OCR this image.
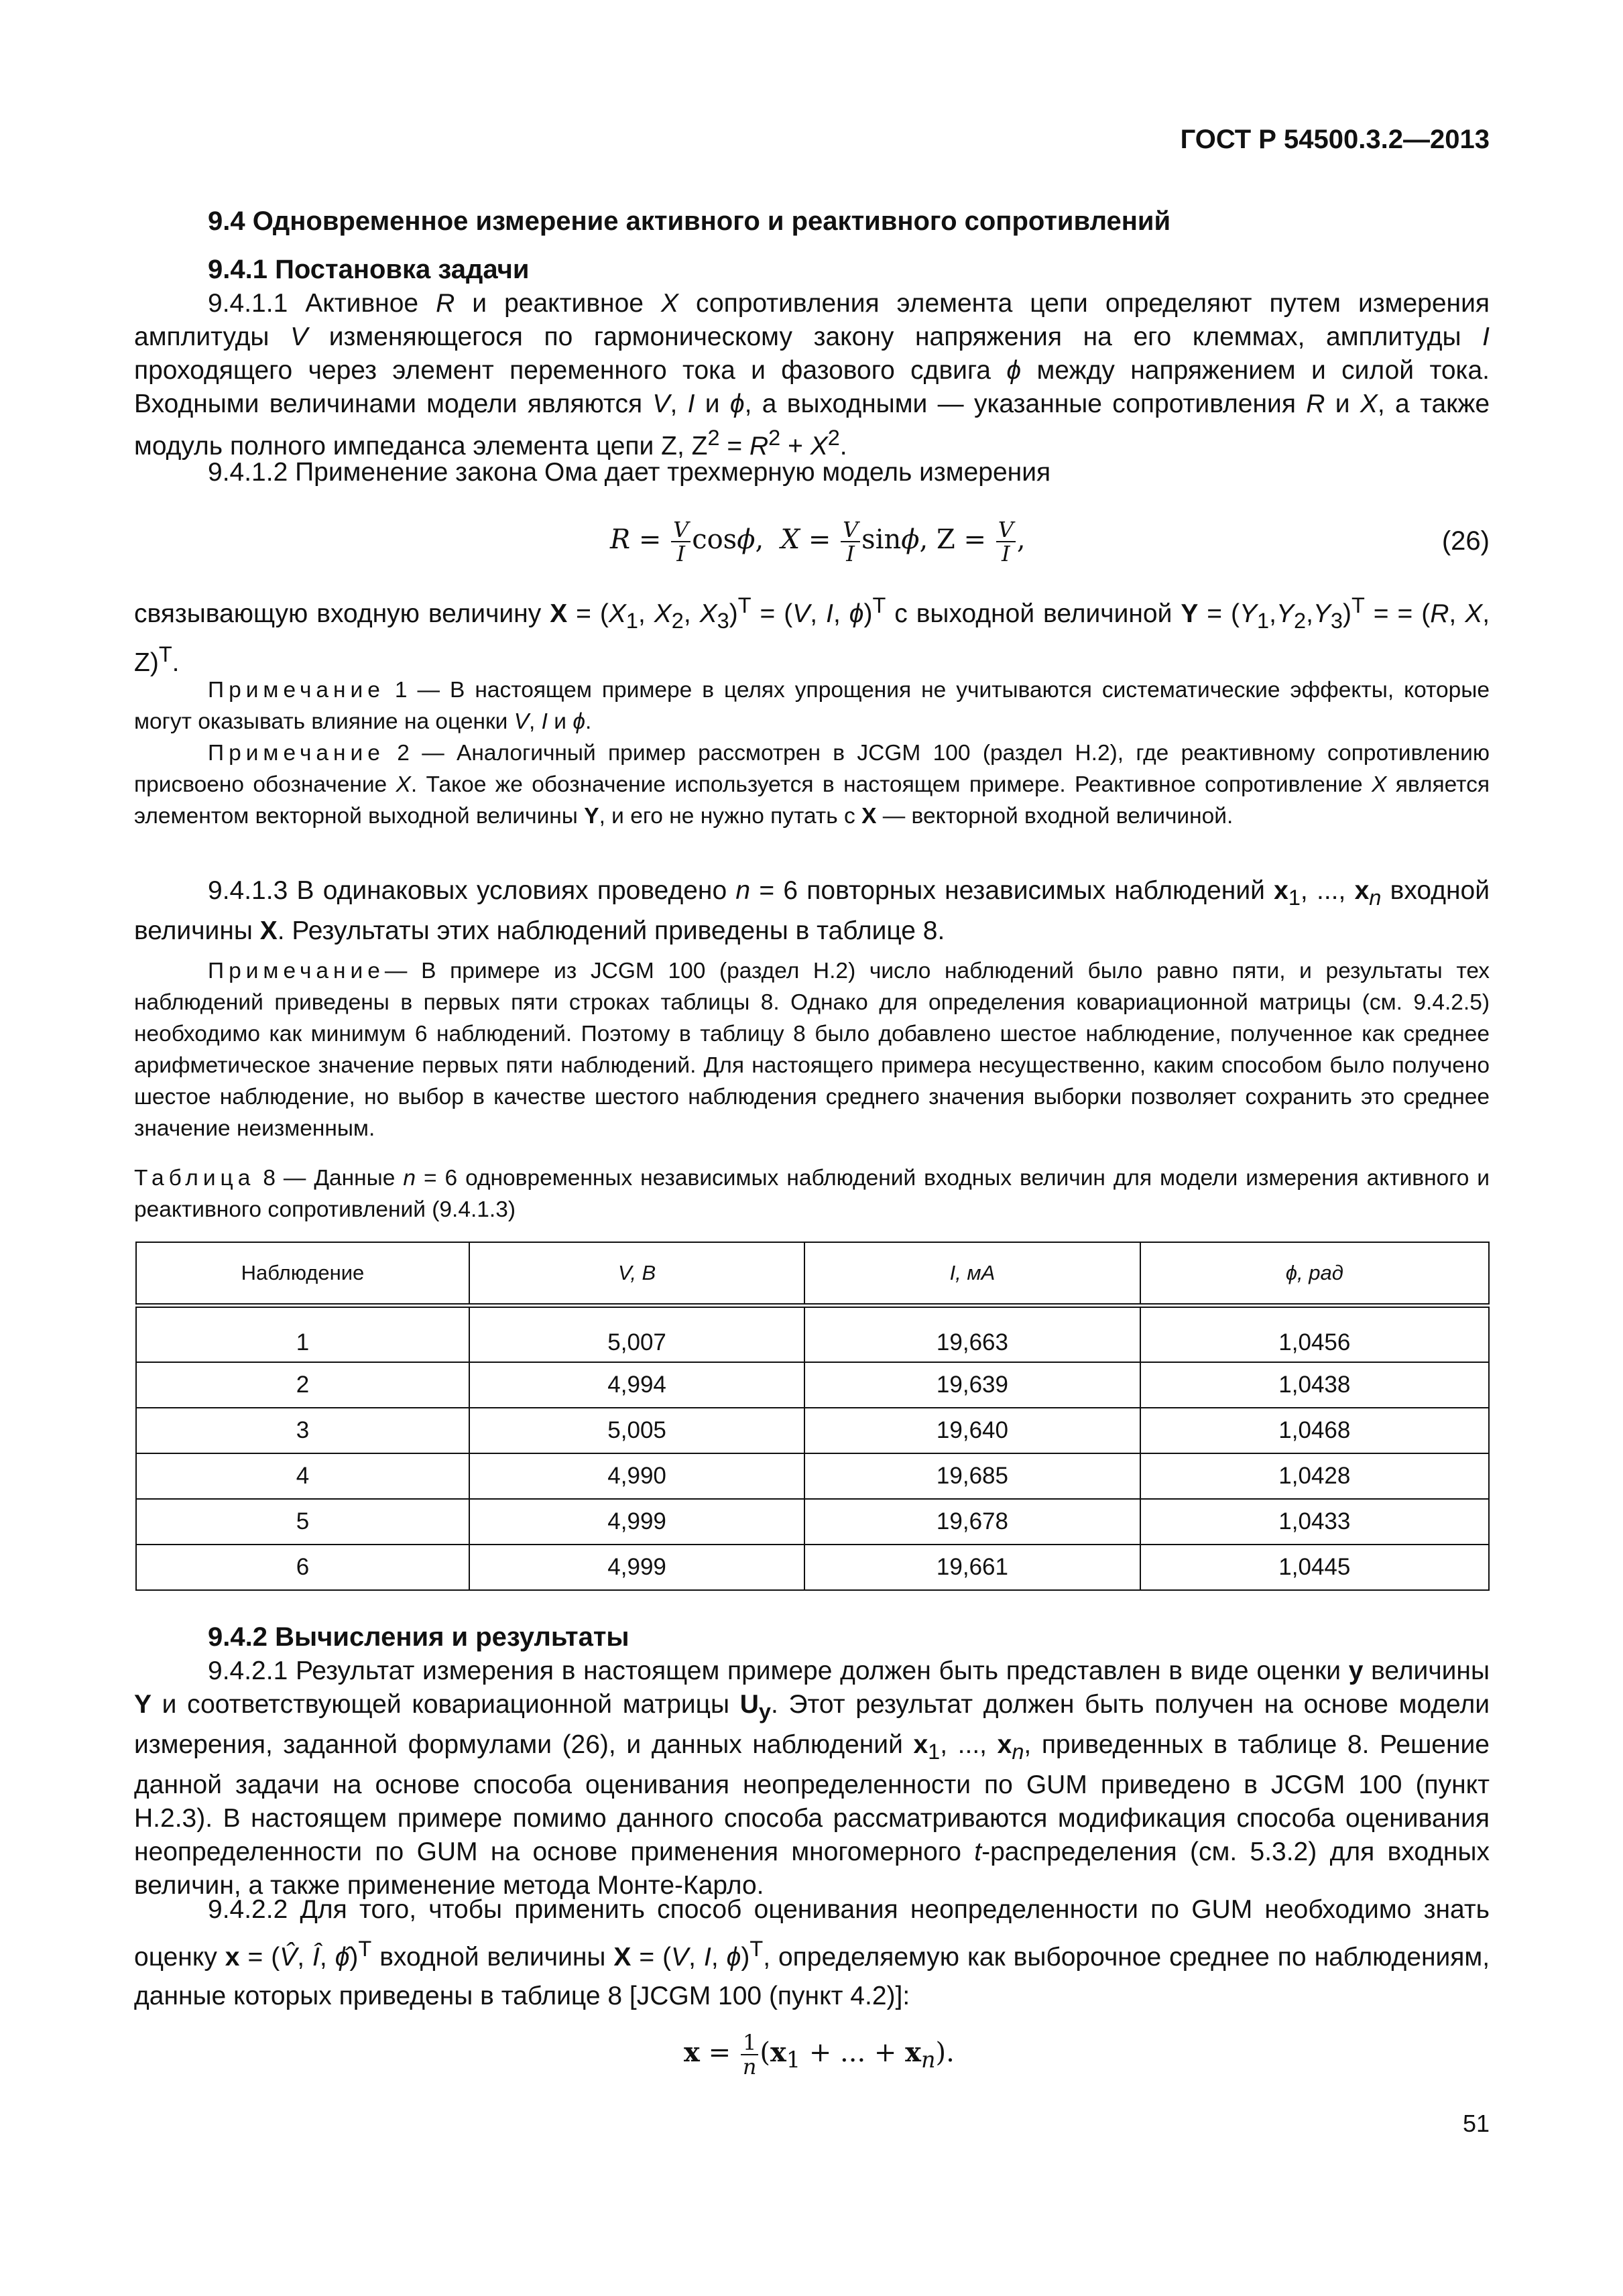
ГОСТ Р 54500.3.2—2013
9.4 Одновременное измерение активного и реактивного сопротивлений
9.4.1 Постановка задачи
9.4.1.1 Активное R и реактивное X сопротивления элемента цепи определяют путем измерения амплитуды V изменяющегося по гармоническому закону напряжения на его клеммах, амплитуды I проходящего через элемент переменного тока и фазового сдвига ϕ между напряжением и силой тока. Входными величинами модели являются V, I и ϕ, а выходными — указанные сопротивления R и X, а также модуль полного импеданса элемента цепи Z, $Z^2 = R^2 + X^2$.
9.4.1.2 Применение закона Ома дает трехмерную модель измерения
$R = \frac{V}{I} \cos\phi$,  $X = \frac{V}{I} \sin\phi$, $Z = \frac{V}{I}$ ,	(26)
связывающую входную величину $X = (X_1$, $X_2$, $X_3)^Т = (V$, I, ϕ)$^Т$ с выходной величиной $Y = (Y_1,Y_2,Y_3)^Т$ = = (R, X, Z)$^Т$.
Примечание 1 — В настоящем примере в целях упрощения не учитываются систематические эффекты, которые могут оказывать влияние на оценки V, I и ϕ.
Примечание 2 — Аналогичный пример рассмотрен в JCGM 100 (раздел H.2), где реактивному сопротивлению присвоено обозначение X. Такое же обозначение используется в настоящем примере. Реактивное сопротивление X является элементом векторной выходной величины Y, и его не нужно путать с X — векторной входной величиной.
9.4.1.3 В одинаковых условиях проведено n = 6 повторных независимых наблюдений $x_1$, ..., $x_n$ входной величины X. Результаты этих наблюдений приведены в таблице 8.
Примечание— В примере из JCGM 100 (раздел H.2) число наблюдений было равно пяти, и результаты тех наблюдений приведены в первых пяти строках таблицы 8. Однако для определения ковариационной матрицы (см. 9.4.2.5) необходимо как минимум 6 наблюдений. Поэтому в таблицу 8 было добавлено шестое наблюдение, полученное как среднее арифметическое значение первых пяти наблюдений. Для настоящего примера несущественно, каким способом было получено шестое наблюдение, но выбор в качестве шестого наблюдения среднего значения выборки позволяет сохранить это среднее значение неизменным.
Таблица 8 — Данные n = 6 одновременных независимых наблюдений входных величин для модели измерения активного и реактивного сопротивлений (9.4.1.3)
Наблюдение	V, В	I, мА	ϕ, рад
1	5,007	19,663	1,0456
2	4,994	19,639	1,0438
3	5,005	19,640	1,0468
4	4,990	19,685	1,0428
5	4,999	19,678	1,0433
6	4,999	19,661	1,0445
9.4.2 Вычисления и результаты
9.4.2.1 Результат измерения в настоящем примере должен быть представлен в виде оценки y величины Y и соответствующей ковариационной матрицы $U_y$. Этот результат должен быть получен на основе модели измерения, заданной формулами (26), и данных наблюдений $x_1$, ..., $x_n$, приведенных в таблице 8. Решение данной задачи на основе способа оценивания неопределенности по GUM приведено в JCGM 100 (пункт H.2.3). В настоящем примере помимо данного способа рассматриваются модификация способа оценивания неопределенности по GUM на основе применения многомерного t-распределения (см. 5.3.2) для входных величин, а также применение метода Монте-Карло.
9.4.2.2 Для того, чтобы применить способ оценивания неопределенности по GUM необходимо знать оценку x = (V̂, Î, ϕ̂)$^Т$ входной величины X = (V, I, ϕ)$^Т$, определяемую как выборочное среднее по наблюдениям, данные которых приведены в таблице 8 [JCGM 100 (пункт 4.2)]:
$x = \frac{1}{n} (x_1$ + ... + $x_n$).
51
